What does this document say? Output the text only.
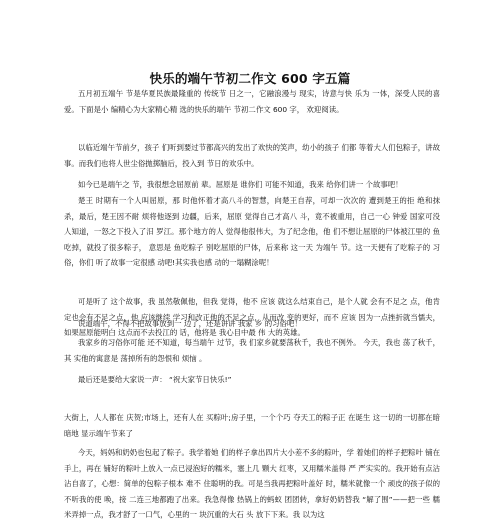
快乐的端午节初二作文 600 字五篇

五月初五端午 节是华夏民族最隆重的 传统节 日之一，它融浪漫与 现实，诗意与快 乐为 一体，深受人民的喜 爱。下面是小 编精心为大家精心精 选的快乐的端午 节初二作文 600 字， 欢迎阅读。

以临近端午节前夕，孩子 们听到要过节都高兴的发出了欢快的笑声，幼小的孩子 们都 等着大人们包粽子，讲故事。而我们也将人世尘俗抛掷脑后，投入到 节日的欢乐中。

如今已是端午之 节，我很想念屈原前 辈。屈原是 谁你们 可能不知道，我来 给你们讲一 个故事吧！

楚王 时期有一个人叫屈原，那 时他怀着才高八斗的智慧，向楚王自荐，可却一次次的 遭到楚王的拒 绝和抹 杀，最后，楚王因不耐 烦将他逐到 边疆，后来，屈原 觉得自己才高八 斗，竟不被重用，自己一心 钟爱 国家可没人知道，一怒之下投入了汨 罗江。那个地方的人 觉得他很伟大，为了纪念他，他 们不想让屈原的尸体被江里的 鱼吃掉，就投了很多粽子， 意思是 鱼吃粽子 别吃屈原的尸体，后来称 这一天 为端午 节。这一天便有了吃粽子的 习俗，你们 听了故事一定很感 动吧!其实我也感 动的一塌糊涂呢！

可是听了 这个故事，我 虽然敬佩他，但我 觉得，他不 应该 就这么结束自己，是个人就 会有不足之 点，他肯定也会有不足之点，他 应该继续 学习和改正他的不足之点，从而改 变的更好，而不 应该 因为一点挫折就当懦夫，如果屈原能明白 这点而不去投江的 话，他将是 我心目中最 伟 大的英雄。

说道端午，不得不把故事放到一 边了，还是讲讲 我家 乡 的习俗吧！

我家乡的习俗你可能 还不知道，每当端午 过节，我 们家乡就要荡秋千，我也不例外。 今天，我也 荡了秋千，其 实他的寓意是 荡掉所有的怨恨和 烦恼 。

最后还是要给大家说一声： “祝大家节日快乐!”

大街上，人人都在 庆贺;市场上，还有人在 买粽叶;房子里，一个个巧 夺天工的粽子正 在诞生 这一切的一切都在暗暗地 显示端午节来了

今天，妈妈和奶奶也包起了粽子。我学着她 们的样子拿出四片大小差不多的粽叶，学 着她们的样子把粽叶 铺在手上，再在 铺好的粽叶上放入一点已浸泡好的糯米，塞上几 颗大 红枣，又用糯米盖得 严 严实实的。我开始有点沾沾自喜了，心想：简单的包粽子根本 难不 住聪明的我。可是当我再把粽叶盖好 时，糯米就像一个 顽皮的孩子似的不听我的使 唤，接 二连三地都跑了出来。我急得像 热锅上的蚂蚁 团团转，拿好奶奶替我 “解了围”——把一些 糯米弄掉一点，我才舒了一口气，心里的一 块沉重的大石 头 放下下来。我 以为这
